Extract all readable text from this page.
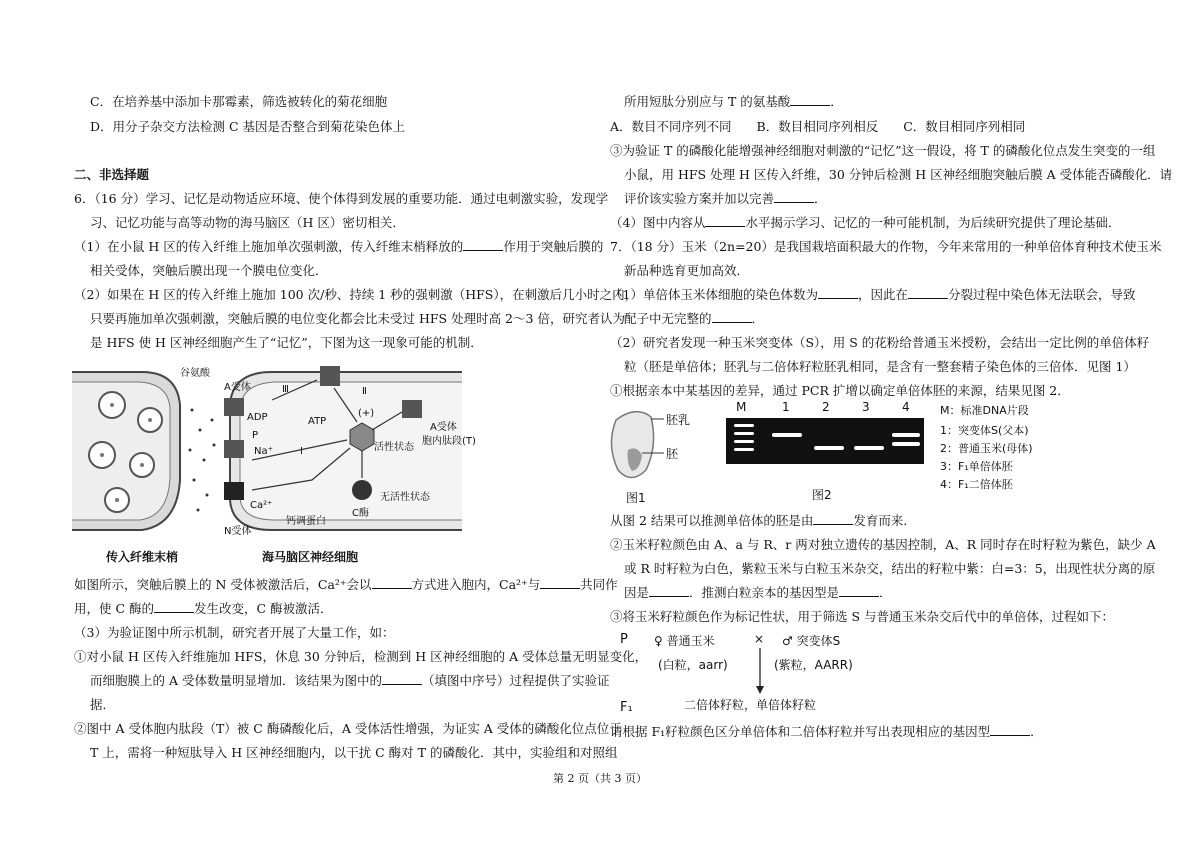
C．在培养基中添加卡那霉素，筛选被转化的菊花细胞
D．用分子杂交方法检测 C 基因是否整合到菊花染色体上
二、非选择题
6．（16 分）学习、记忆是动物适应环境、使个体得到发展的重要功能．通过电刺激实验，发现学
习、记忆功能与高等动物的海马脑区（H 区）密切相关．
（1）在小鼠 H 区的传入纤维上施加单次强刺激，传入纤维末梢释放的	作用于突触后膜的
相关受体，突触后膜出现一个膜电位变化．
（2）如果在 H 区的传入纤维上施加 100 次/秒、持续 1 秒的强刺激（HFS），在刺激后几小时之内，
只要再施加单次强刺激，突触后膜的电位变化都会比未受过 HFS 处理时高 2～3 倍，研究者认为
是 HFS 使 H 区神经细胞产生了“记忆”，下图为这一现象可能的机制．
谷氨酸
A受体	Ⅲ	Ⅱ
ADP	ATP
(+)
A受体
胞内肽段(T)
P
Na⁺	Ⅰ	活性状态
无活性状态
Ca²⁺
钙调蛋白
C酶
N受体
传入纤维末梢	海马脑区神经细胞
如图所示，突触后膜上的 N 受体被激活后，Ca²⁺会以	方式进入胞内，Ca²⁺与	共同作
用，使 C 酶的	发生改变，C 酶被激活．
（3）为验证图中所示机制，研究者开展了大量工作，如：
①对小鼠 H 区传入纤维施加 HFS，休息 30 分钟后，检测到 H 区神经细胞的 A 受体总量无明显变化，
而细胞膜上的 A 受体数量明显增加．该结果为图中的	（填图中序号）过程提供了实验证
据．
②图中 A 受体胞内肽段（T）被 C 酶磷酸化后，A 受体活性增强，为证实 A 受体的磷酸化位点位于
T 上，需将一种短肽导入 H 区神经细胞内，以干扰 C 酶对 T 的磷酸化．其中，实验组和对照组
所用短肽分别应与 T 的氨基酸	．
A．数目不同序列不同　　B．数目相同序列相反　　C．数目相同序列相同
③为验证 T 的磷酸化能增强神经细胞对刺激的“记忆”这一假设，将 T 的磷酸化位点发生突变的一组
小鼠，用 HFS 处理 H 区传入纤维，30 分钟后检测 H 区神经细胞突触后膜 A 受体能否磷酸化．请
评价该实验方案并加以完善	．
（4）图中内容从	水平揭示学习、记忆的一种可能机制，为后续研究提供了理论基础．
7．（18 分）玉米（2n=20）是我国栽培面积最大的作物，今年来常用的一种单倍体育种技术使玉米
新品种选育更加高效．
（1）单倍体玉米体细胞的染色体数为	，因此在	分裂过程中染色体无法联会，导致
配子中无完整的	．
（2）研究者发现一种玉米突变体（S），用 S 的花粉给普通玉米授粉，会结出一定比例的单倍体籽
粒（胚是单倍体；胚乳与二倍体籽粒胚乳相同，是含有一整套精子染色体的三倍体．见图 1）
①根据亲本中某基因的差异，通过 PCR 扩增以确定单倍体胚的来源，结果见图 2．
胚乳
胚
图1
M	1	2	3	4
图2
M：标准DNA片段
1：突变体S(父本)
2：普通玉米(母体)
3：F₁单倍体胚
4：F₁二倍体胚
从图 2 结果可以推测单倍体的胚是由	发育而来．
②玉米籽粒颜色由 A、a 与 R、r 两对独立遗传的基因控制，A、R 同时存在时籽粒为紫色，缺少 A
或 R 时籽粒为白色，紫粒玉米与白粒玉米杂交，结出的籽粒中紫：白=3：5，出现性状分离的原
因是	．推测白粒亲本的基因型是	．
③将玉米籽粒颜色作为标记性状，用于筛选 S 与普通玉米杂交后代中的单倍体，过程如下：
P ♀ 普通玉米	× ♂ 突变体S
(白粒，aarr)	(紫粒，AARR)
F₁	二倍体籽粒，单倍体籽粒
请根据 F₁籽粒颜色区分单倍体和二倍体籽粒并写出表现相应的基因型	．
第 2 页（共 3 页）
